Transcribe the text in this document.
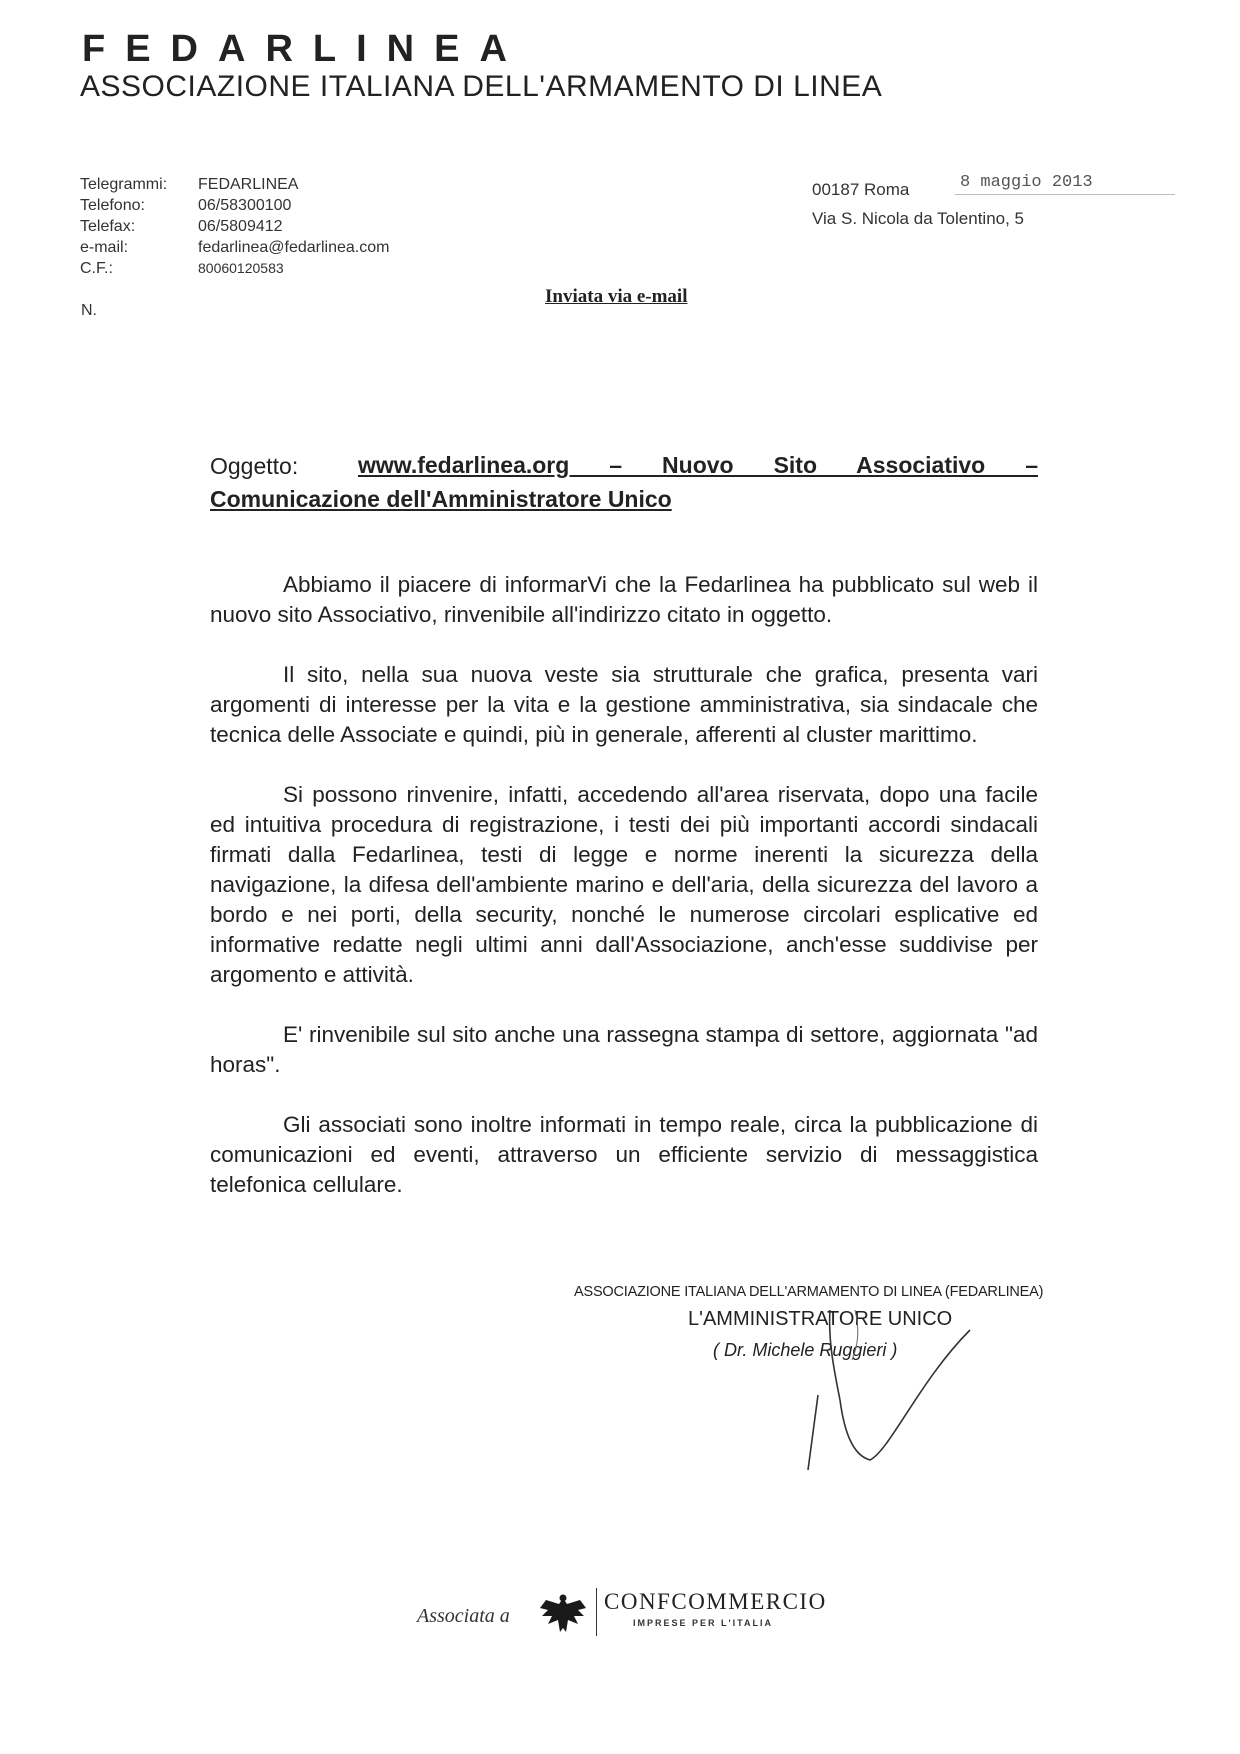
FEDARLINEA
ASSOCIAZIONE ITALIANA DELL'ARMAMENTO DI LINEA
Telegrammi:	FEDARLINEA
Telefono:	06/58300100
Telefax:	06/5809412
e-mail:	fedarlinea@fedarlinea.com
C.F.:	80060120583
00187 Roma	8 maggio 2013
Via S. Nicola da Tolentino, 5
N.
Inviata via e-mail
Oggetto:	www.fedarlinea.org – Nuovo Sito Associativo –
Comunicazione dell'Amministratore Unico

Abbiamo il piacere di informarVi che la Fedarlinea ha pubblicato sul web il nuovo sito Associativo, rinvenibile all'indirizzo citato in oggetto.

Il sito, nella sua nuova veste sia strutturale che grafica, presenta vari argomenti di interesse per la vita e la gestione amministrativa, sia sindacale che tecnica delle Associate e quindi, più in generale, afferenti al cluster marittimo.

Si possono rinvenire, infatti, accedendo all'area riservata, dopo una facile ed intuitiva procedura di registrazione, i testi dei più importanti accordi sindacali firmati dalla Fedarlinea, testi di legge e norme inerenti la sicurezza della navigazione, la difesa dell'ambiente marino e dell'aria, della sicurezza del lavoro a bordo e nei porti, della security, nonché le numerose circolari esplicative ed informative redatte negli ultimi anni dall'Associazione, anch'esse suddivise per argomento e attività.

E' rinvenibile sul sito anche una rassegna stampa di settore, aggiornata "ad horas".

Gli associati sono inoltre informati in tempo reale, circa la pubblicazione di comunicazioni ed eventi, attraverso un efficiente servizio di messaggistica telefonica cellulare.

ASSOCIAZIONE ITALIANA DELL'ARMAMENTO DI LINEA (FEDARLINEA)
L'AMMINISTRATORE UNICO
( Dr. Michele Ruggieri )
Associata a
CONFCOMMERCIO
IMPRESE PER L'ITALIA
